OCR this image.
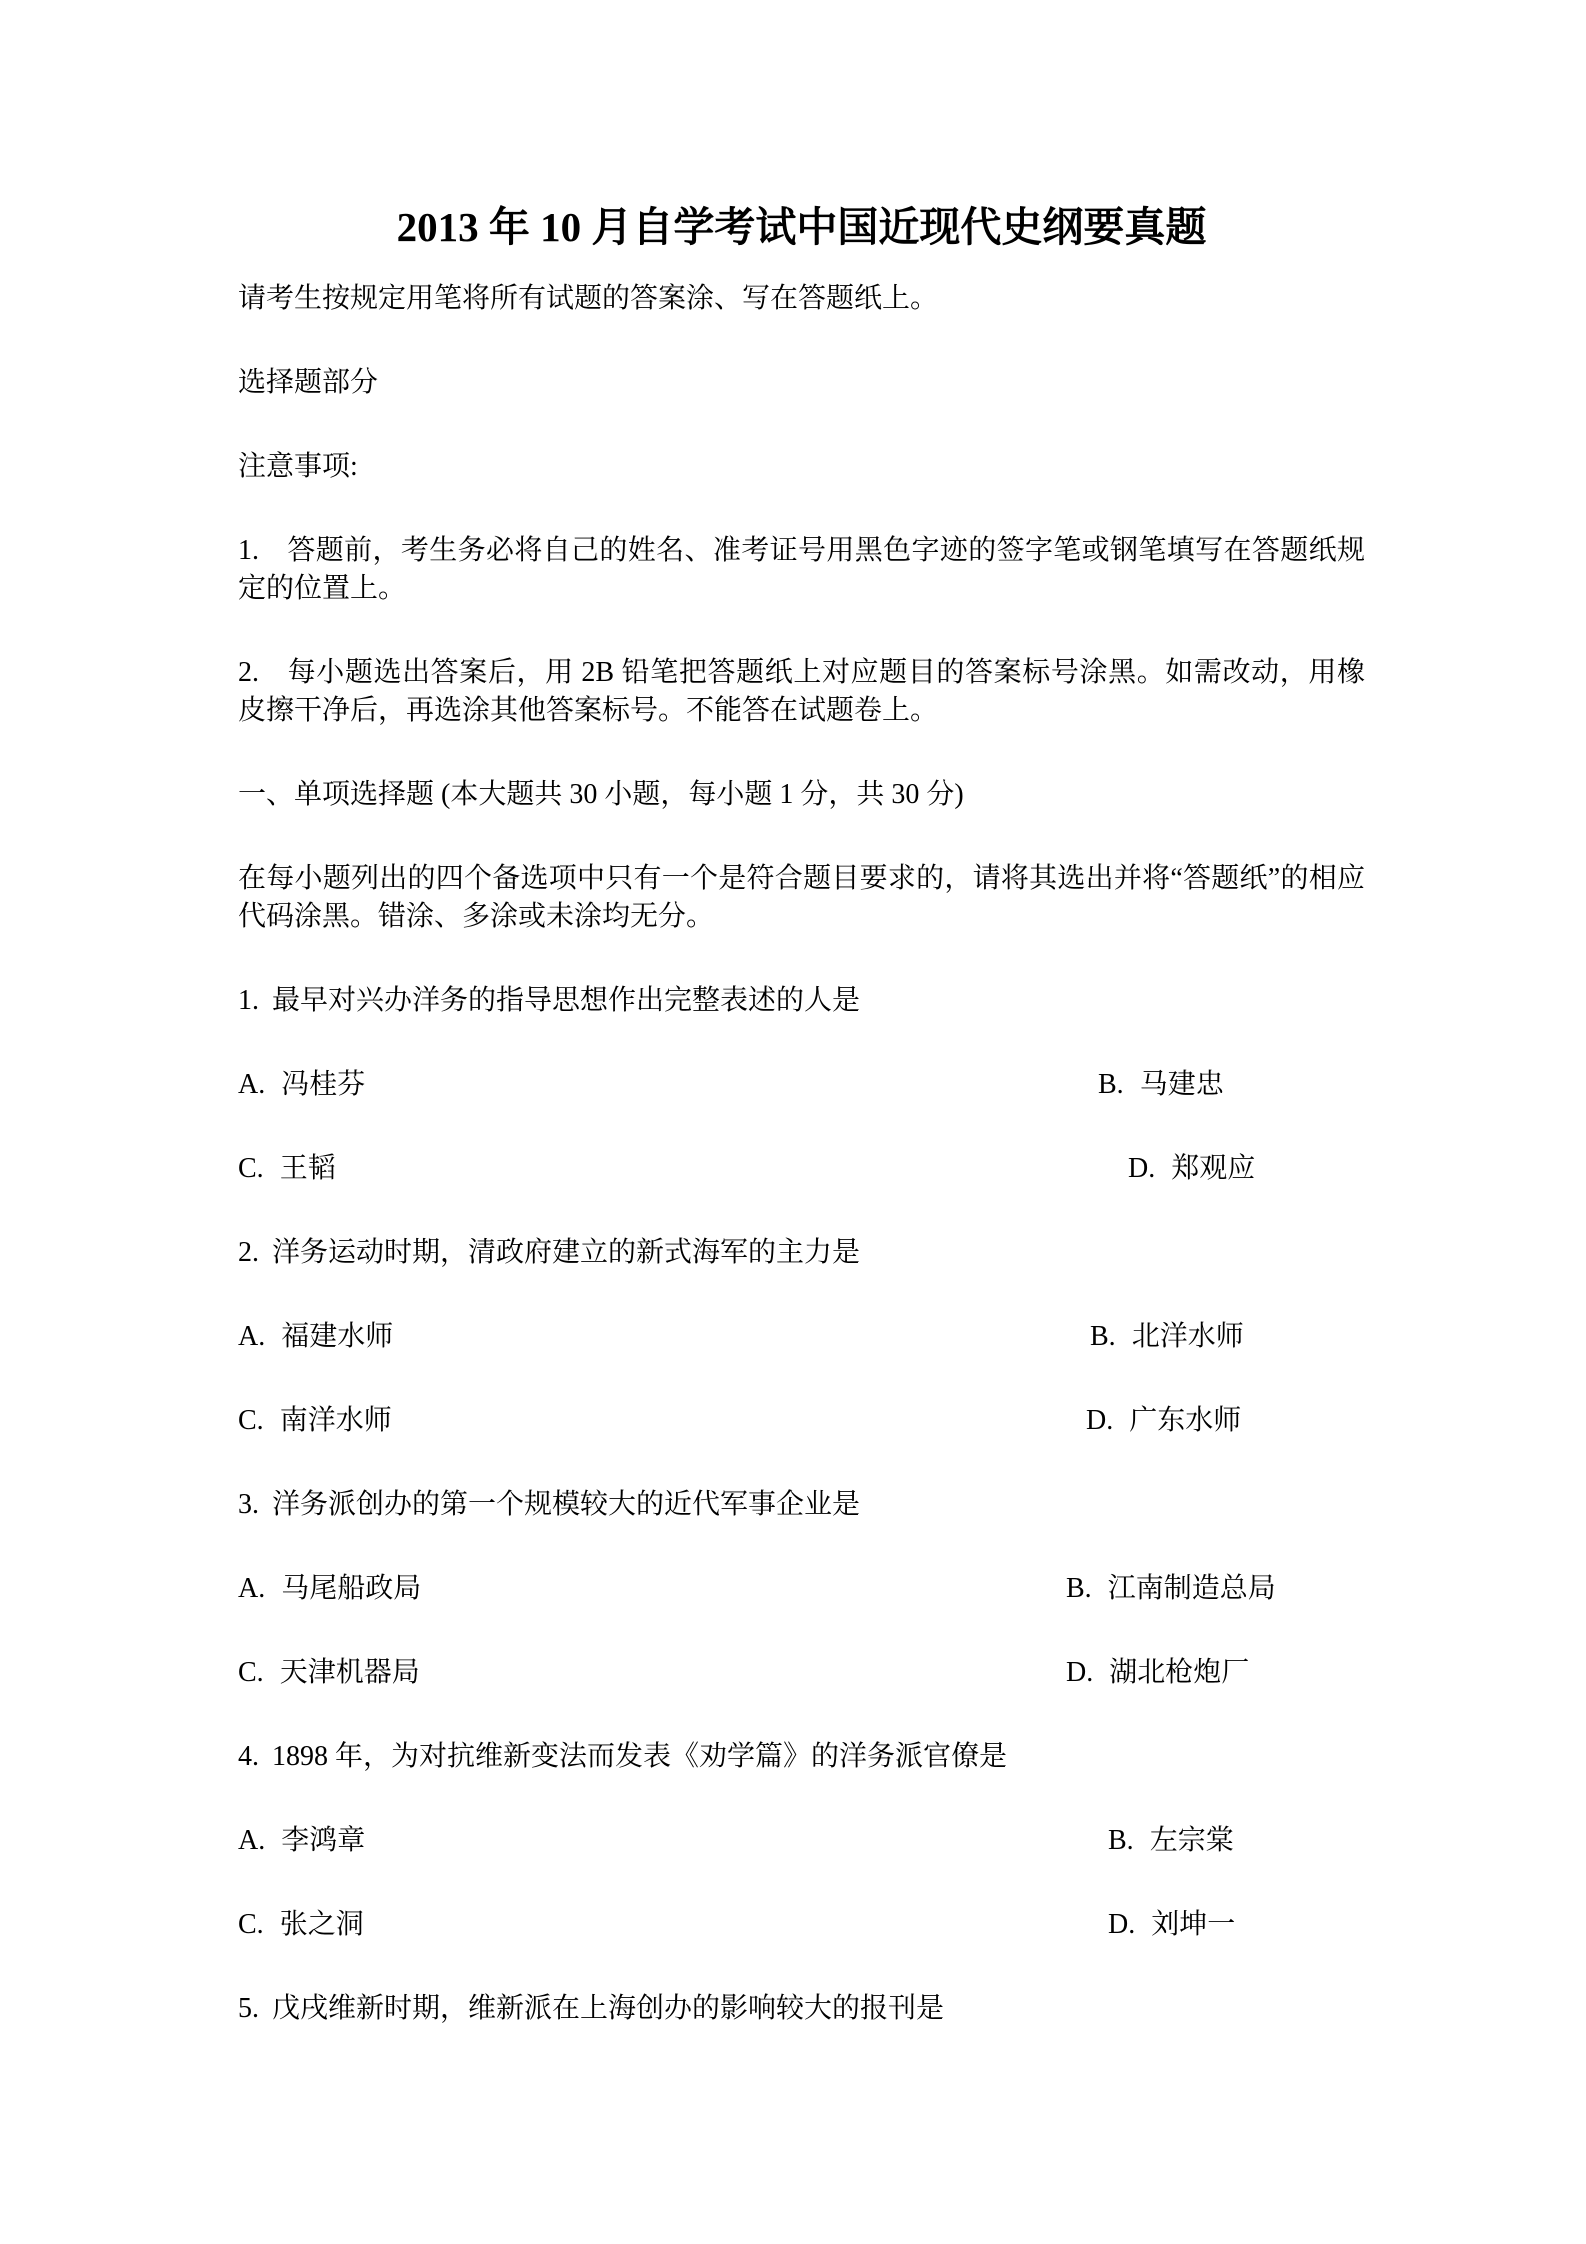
2013 年 10 月自学考试中国近现代史纲要真题

请考生按规定用笔将所有试题的答案涂、写在答题纸上。

选择题部分

注意事项:

1. 答题前，考生务必将自己的姓名、准考证号用黑色字迹的签字笔或钢笔填写在答题纸规定的位置上。

2. 每小题选出答案后，用 2B 铅笔把答题纸上对应题目的答案标号涂黑。如需改动，用橡皮擦干净后，再选涂其他答案标号。不能答在试题卷上。

一、单项选择题 (本大题共 30 小题，每小题 1 分，共 30 分)

在每小题列出的四个备选项中只有一个是符合题目要求的，请将其选出并将“答题纸”的相应代码涂黑。错涂、多涂或未涂均无分。

1. 最早对兴办洋务的指导思想作出完整表述的人是

A. 冯桂芬	B. 马建忠
C. 王韬	D. 郑观应

2. 洋务运动时期，清政府建立的新式海军的主力是

A. 福建水师	B. 北洋水师
C. 南洋水师	D. 广东水师

3. 洋务派创办的第一个规模较大的近代军事企业是

A. 马尾船政局	B. 江南制造总局
C. 天津机器局	D. 湖北枪炮厂

4. 1898 年，为对抗维新变法而发表《劝学篇》的洋务派官僚是

A. 李鸿章	B. 左宗棠
C. 张之洞	D. 刘坤一

5. 戊戌维新时期，维新派在上海创办的影响较大的报刊是
